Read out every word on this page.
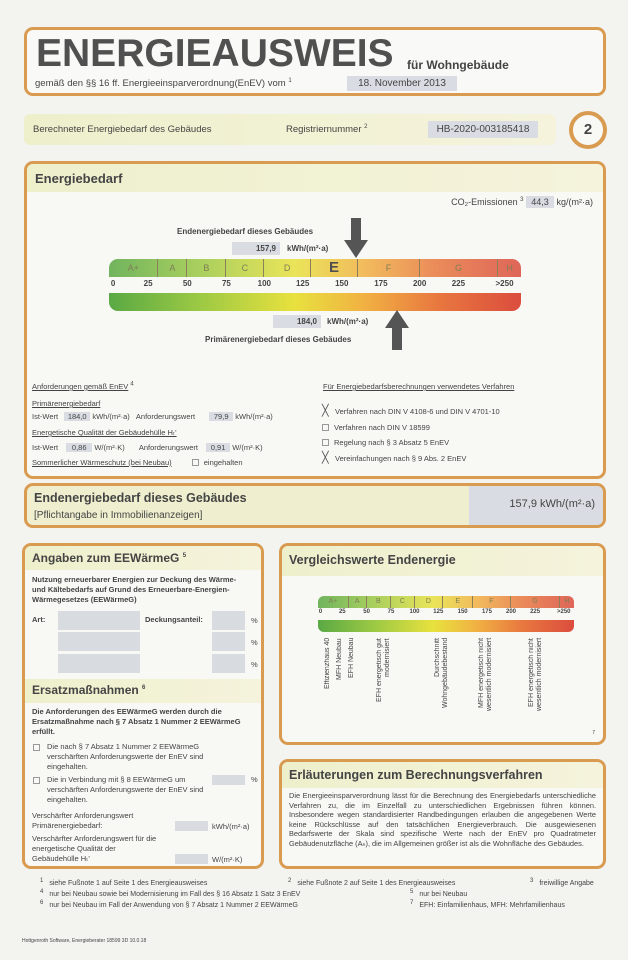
ENERGIEAUSWEIS für Wohngebäude
gemäß den §§ 16 ff. Energieeinsparverordnung(EnEV) vom $^1$	18. November 2013
Berechneter Energiebedarf des Gebäudes	Registriernummer $^2$	HB-2020-003185418	2
Energiebedarf
CO₂-Emissionen $^3$ 44,3 kg/(m²·a)
Endenergiebedarf dieses Gebäudes
157,9	kWh/(m²·a)
A+	A	B	C	D	E	F	G	H
0	25	50	75	100	125	150	175	200	225	>250
184,0	kWh/(m²·a)
Primärenergiebedarf dieses Gebäudes
Anforderungen gemäß EnEV $^4$
Primärenergiebedarf
Ist-Wert 184,0 kWh/(m²·a) Anforderungswert	79,9 kWh/(m²·a)
Energetische Qualität der Gebäudehülle Hₜ'
Ist-Wert 0,86 W/(m²·K) Anforderungswert 0,91 W/(m²·K)
Sommerlicher Wärmeschutz (bei Neubau)	eingehalten
Für Energiebedarfsberechnungen verwendetes Verfahren
╳ Verfahren nach DIN V 4108-6 und DIN V 4701-10
Verfahren nach DIN V 18599
Regelung nach § 3 Absatz 5 EnEV
╳ Vereinfachungen nach § 9 Abs. 2 EnEV
Endenergiebedarf dieses Gebäudes
[Pflichtangabe in Immobilienanzeigen]
157,9 kWh/(m²·a)
Angaben zum EEWärmeG $^5$
Nutzung erneuerbarer Energien zur Deckung des Wärme-und Kältebedarfs auf Grund des Erneuerbare-Energien-Wärmegesetzes (EEWärmeG)
Art:	Deckungsanteil:	%
%
%
Ersatzmaßnahmen $^6$
Die Anforderungen des EEWärmeG werden durch die Ersatzmaßnahme nach § 7 Absatz 1 Nummer 2 EEWärmeG erfüllt.
Die nach § 7 Absatz 1 Nummer 2 EEWärmeG verschärften Anforderungswerte der EnEV sind eingehalten.
Die in Verbindung mit § 8 EEWärmeG um	%
verschärften Anforderungswerte der EnEV sind eingehalten.
Verschärfter Anforderungswert Primärenergiebedarf:	kWh/(m²·a)
Verschärfter Anforderungswert für die energetische Qualität der Gebäudehülle Hₜ'	W/(m²·K)
Vergleichswerte Endenergie
A+	A	B	C	D	E	F	G	H
0	25	50	75	100 125 150 175 200 225	>250
Effizienzhaus 40 MFH Neubau EFH Neubau	EFH energetisch gut modernisiert	Durchschnitt Wohngebäudebestand	MFH energetisch nicht wesentlich modernisiert	EFH energetisch nicht wesentlich modernisiert
7
Erläuterungen zum Berechnungsverfahren
Die Energieeinsparverordnung lässt für die Berechnung des Energiebedarfs unterschiedliche Verfahren zu, die im Einzelfall zu unterschiedlichen Ergebnissen führen können. Insbesondere wegen standardisierter Randbedingungen erlauben die angegebenen Werte keine Rückschlüsse auf den tatsächlichen Energieverbrauch. Die ausgewiesenen Bedarfswerte der Skala sind spezifische Werte nach der EnEV pro Quadratmeter Gebäudenutzfläche (Aₙ), die im Allgemeinen größer ist als die Wohnfläche des Gebäudes.
$^1$ siehe Fußnote 1 auf Seite 1 des Energieausweises	$^2$ siehe Fußnote 2 auf Seite 1 des Energieausweises	$^3$ freiwillige Angabe
$^4$ nur bei Neubau sowie bei Modernisierung im Fall des § 16 Absatz 1 Satz 3 EnEV	$^5$ nur bei Neubau
$^6$ nur bei Neubau im Fall der Anwendung von § 7 Absatz 1 Nummer 2 EEWärmeG	$^7$ EFH: Einfamilienhaus, MFH: Mehrfamilienhaus
Hottgenroth Software, Energieberater 18599 3D 10.0.18
